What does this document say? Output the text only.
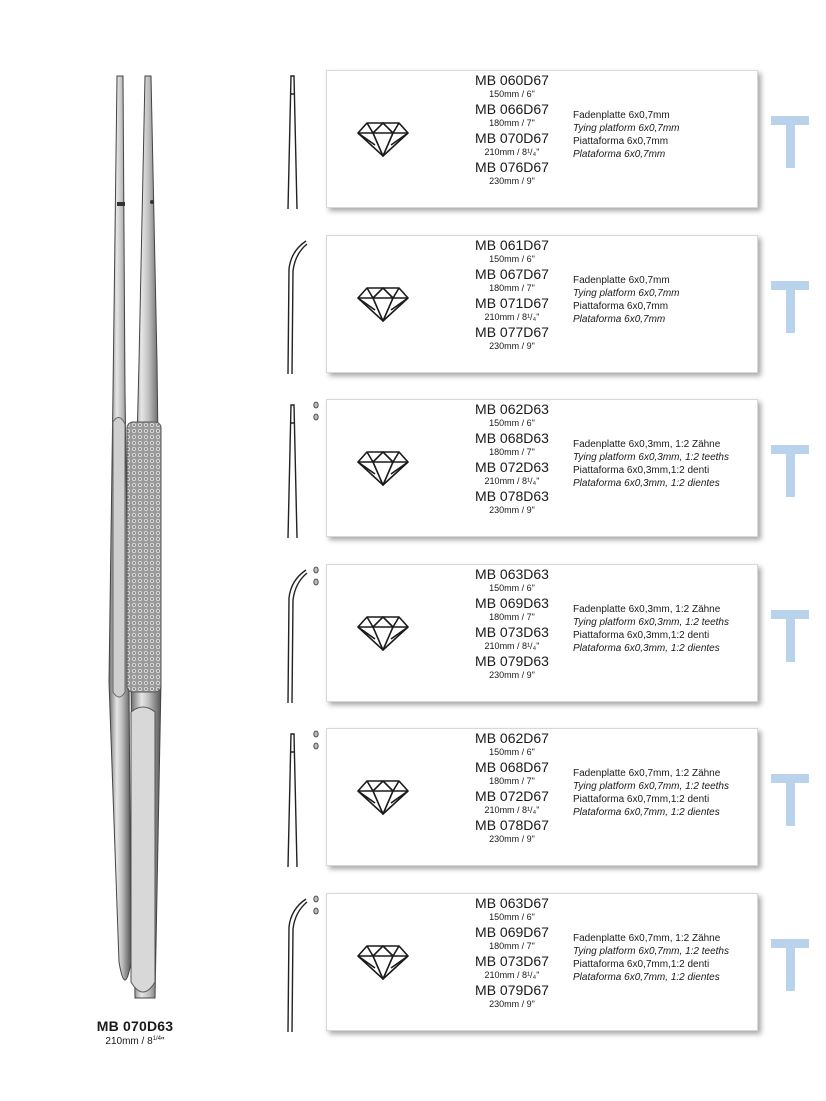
MB 070D63
$210mm / 8^{1/4}$"
MB 060D67
150mm / 6"
MB 066D67
180mm / 7"
MB 070D67
210mm / 8¹/₄"
MB 076D67
230mm / 9"
Fadenplatte 6x0,7mm
Tying platform 6x0,7mm
Piattaforma 6x0,7mm
Plataforma 6x0,7mm
MB 061D67
150mm / 6"
MB 067D67
180mm / 7"
MB 071D67
210mm / 8¹/₄"
MB 077D67
230mm / 9"
Fadenplatte 6x0,7mm
Tying platform 6x0,7mm
Piattaforma 6x0,7mm
Plataforma 6x0,7mm
MB 062D63
150mm / 6"
MB 068D63
180mm / 7"
MB 072D63
210mm / 8¹/₄"
MB 078D63
230mm / 9"
Fadenplatte 6x0,3mm, 1:2 Zähne
Tying platform 6x0,3mm, 1:2 teeths
Piattaforma 6x0,3mm,1:2 denti
Plataforma 6x0,3mm, 1:2 dientes
MB 063D63
150mm / 6"
MB 069D63
180mm / 7"
MB 073D63
210mm / 8¹/₄"
MB 079D63
230mm / 9"
Fadenplatte 6x0,3mm, 1:2 Zähne
Tying platform 6x0,3mm, 1:2 teeths
Piattaforma 6x0,3mm,1:2 denti
Plataforma 6x0,3mm, 1:2 dientes
MB 062D67
150mm / 6"
MB 068D67
180mm / 7"
MB 072D67
210mm / 8¹/₄"
MB 078D67
230mm / 9"
Fadenplatte 6x0,7mm, 1:2 Zähne
Tying platform 6x0,7mm, 1:2 teeths
Piattaforma 6x0,7mm,1:2 denti
Plataforma 6x0,7mm, 1:2 dientes
MB 063D67
150mm / 6"
MB 069D67
180mm / 7"
MB 073D67
210mm / 8¹/₄"
MB 079D67
230mm / 9"
Fadenplatte 6x0,7mm, 1:2 Zähne
Tying platform 6x0,7mm, 1:2 teeths
Piattaforma 6x0,7mm,1:2 denti
Plataforma 6x0,7mm, 1:2 dientes
